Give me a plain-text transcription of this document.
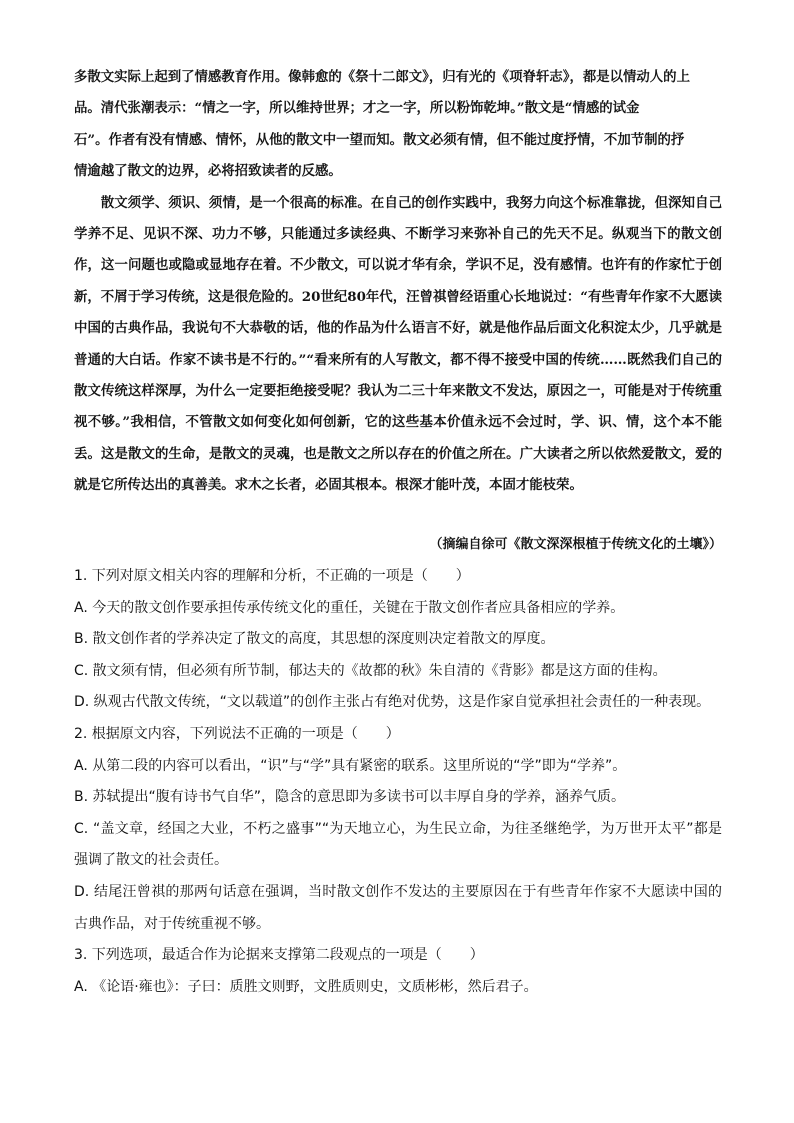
多散文实际上起到了情感教育作用。像韩愈的《祭十二郎文》，归有光的《项脊轩志》，都是以情动人的上
品。清代张潮表示：“情之一字，所以维持世界；才之一字，所以粉饰乾坤。”散文是“情感的试金
石”。作者有没有情感、情怀，从他的散文中一望而知。散文必须有情，但不能过度抒情，不加节制的抒
情逾越了散文的边界，必将招致读者的反感。

散文须学、须识、须情，是一个很高的标准。在自己的创作实践中，我努力向这个标准靠拢，但深知自己学养不足、见识不深、功力不够，只能通过多读经典、不断学习来弥补自己的先天不足。纵观当下的散文创作，这一问题也或隐或显地存在着。不少散文，可以说才华有余，学识不足，没有感情。也许有的作家忙于创新，不屑于学习传统，这是很危险的。20世纪80年代，汪曾祺曾经语重心长地说过：“有些青年作家不大愿读中国的古典作品，我说句不大恭敬的话，他的作品为什么语言不好，就是他作品后面文化积淀太少，几乎就是普通的大白话。作家不读书是不行的。”“看来所有的人写散文，都不得不接受中国的传统……既然我们自己的散文传统这样深厚，为什么一定要拒绝接受呢？我认为二三十年来散文不发达，原因之一，可能是对于传统重视不够。”我相信，不管散文如何变化如何创新，它的这些基本价值永远不会过时，学、识、情，这个本不能丢。这是散文的生命，是散文的灵魂，也是散文之所以存在的价值之所在。广大读者之所以依然爱散文，爱的就是它所传达出的真善美。求木之长者，必固其根本。根深才能叶茂，本固才能枝荣。

（摘编自徐可《散文深深根植于传统文化的土壤》）

1. 下列对原文相关内容的理解和分析，不正确的一项是（　　）

A. 今天的散文创作要承担传承传统文化的重任，关键在于散文创作者应具备相应的学养。

B. 散文创作者的学养决定了散文的高度，其思想的深度则决定着散文的厚度。

C. 散文须有情，但必须有所节制，郁达夫的《故都的秋》朱自清的《背影》都是这方面的佳构。

D. 纵观古代散文传统，“文以载道”的创作主张占有绝对优势，这是作家自觉承担社会责任的一种表现。

2. 根据原文内容，下列说法不正确的一项是（　　）

A. 从第二段的内容可以看出，“识”与“学”具有紧密的联系。这里所说的“学”即为“学养”。

B. 苏轼提出“腹有诗书气自华”，隐含的意思即为多读书可以丰厚自身的学养，涵养气质。

C. “盖文章，经国之大业，不朽之盛事”“为天地立心，为生民立命，为往圣继绝学，为万世开太平”都是强调了散文的社会责任。

D. 结尾汪曾祺的那两句话意在强调，当时散文创作不发达的主要原因在于有些青年作家不大愿读中国的古典作品，对于传统重视不够。

3. 下列选项，最适合作为论据来支撑第二段观点的一项是（　　）

A. 《论语·雍也》：子曰：质胜文则野，文胜质则史，文质彬彬，然后君子。
